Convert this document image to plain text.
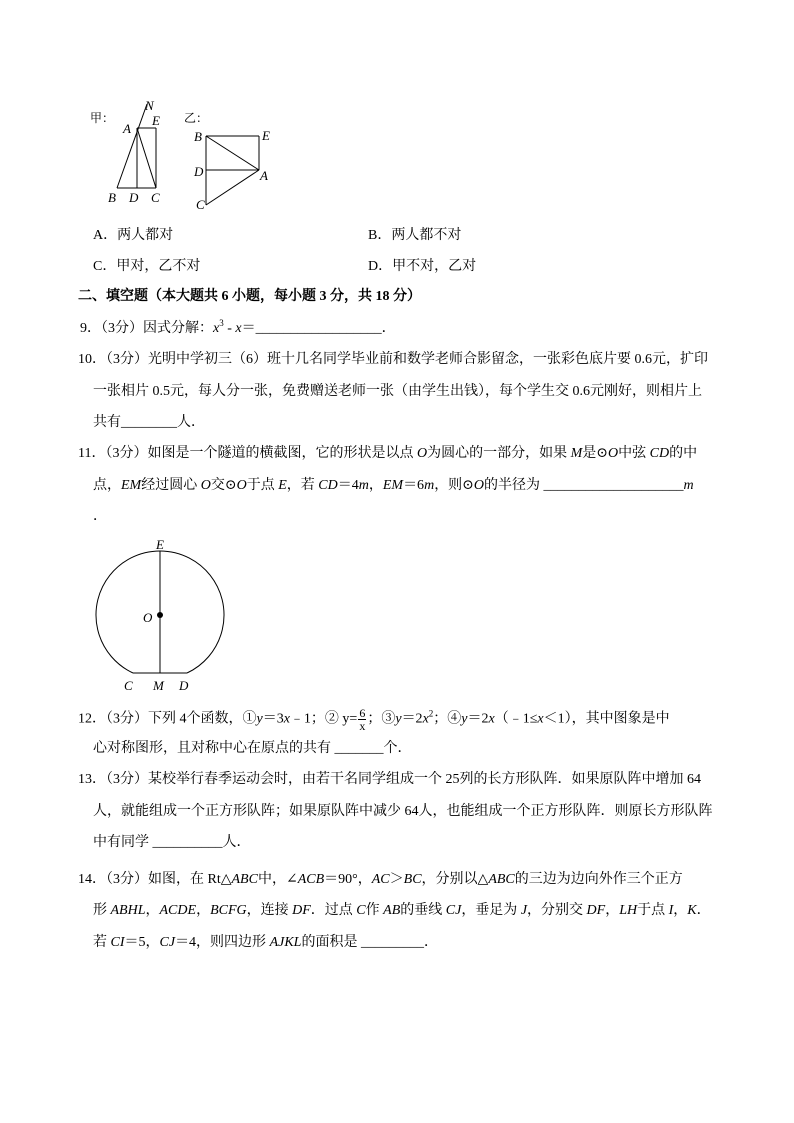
甲：
N
A
E
B D C
乙：
B	E
D	A
C
A．两人都对	B．两人都不对
C．甲对，乙不对	D．甲不对，乙对
二、填空题（本大题共 6 小题，每小题 3 分，共 18 分）
9．（3分）因式分解：$x^3$ - x＝__________________．
10．（3分）光明中学初三（6）班十几名同学毕业前和数学老师合影留念，一张彩色底片要 0.6元，扩印
一张相片 0.5元，每人分一张，免费赠送老师一张（由学生出钱），每个学生交 0.6元刚好，则相片上
共有________人．
11．（3分）如图是一个隧道的横截图，它的形状是以点 O为圆心的一部分，如果 M是⊙O中弦 CD的中
点，EM经过圆心 O交⊙O于点 E，若 CD＝4m，EM＝6m，则⊙O的半径为 ____________________m
．
E
O
C M D
12．（3分）下列 4个函数，①y＝3x﹣1；② $y= \frac{6}{x}$ ；$③y=2x^2$；④y＝2x（﹣1≤x＜1），其中图象是中
心对称图形，且对称中心在原点的共有 _______个．
13．（3分）某校举行春季运动会时，由若干名同学组成一个 25列的长方形队阵．如果原队阵中增加 64
人，就能组成一个正方形队阵；如果原队阵中减少 64人，也能组成一个正方形队阵．则原长方形队阵
中有同学 __________人．
14．（3分）如图，在 Rt△ABC中，∠ACB＝90°，AC＞BC，分别以△ABC的三边为边向外作三个正方
形 ABHL，ACDE，BCFG，连接 DF．过点 C作 AB的垂线 CJ，垂足为 J，分别交 DF，LH于点 I，K．
若 CI＝5，CJ＝4，则四边形 AJKL的面积是 _________．
